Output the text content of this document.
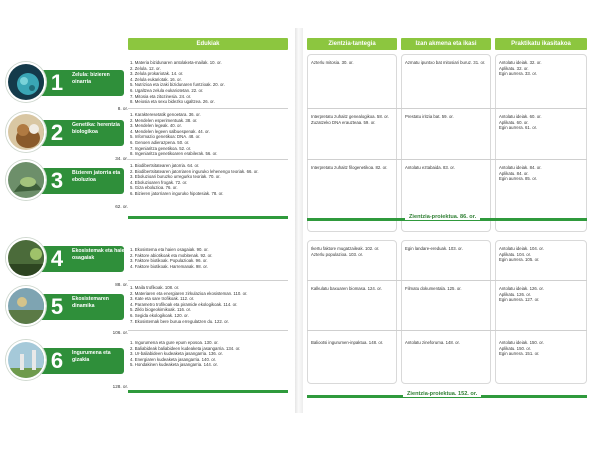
Edukiak	Zientzia-tantegia	Izan akmena eta ikasi	Praktikatu ikasitakoa
1	Zelula: bizieren oinarria
8. or.
1. Materia bizidunaren antolaketa-mailak. 10. or.
2. Zelula. 12. or.
3. Zelula prokariotak. 14. or.
4. Zelula eukariotak. 16. or.
5. Nutrizioa eta izaki bizidunaren funtzioak. 20. or.
6. Ugaltzea zelula eukariotetan. 22. or.
7. Mitosia eta zitozinesia. 24. or.
8. Meiosia eta sexu bidezko ugaltzea. 26. or.
2	Genetika: herentzia biologikoa
34. or.
1. Karakteresetatik genoetara. 36. or.
2. Mendelen esperimentuak. 38. or.
3. Mendelen legeak. 40. or.
4. Mendelen legeen salbuespenak. 44. or.
5. Informazio genetikoa: DNA. 48. or.
6. Genoen adierazpena. 50. or.
7. Ingeniaritza genetikoa. 52. or.
8. Ingeniaritza genetikoaren erabilerak. 56. or.
3	Bizieren jatorria eta eboluzioa
62. or.
1. Biodibertsitatearen jatorria. 64. or.
2. Biodibertsitatearen jatorriaren inguruko lehenengo teoriak. 66. or.
3. Eboluzioari buruzko urregurko teoriak. 70. or.
4. Eboluzioaren frogak. 72. or.
5. Giza eboluzioa. 76. or.
6. Bizieren jatorriaren inguruko hipotesiak. 78. or.
Azterlu mitosia. 30. or.	Azmatu ipuntxo bat mitosiari buruz. 31. or.	Antolatu ideiak. 32. or.
Aplikatu. 32. or.
Egin aurrera. 33. or.
Interpretatu zuhaitz genealogikoa. 58. or.
Zuzatzeko DNA erauzteaa. 59. or.
Prestatu iritzia bat. 59. or.	Antolatu ideiak. 60. or.
Aplikatu. 60. or.
Egin aurrera. 61. or.
Interpretatu zuhaitz filogenetikoa. 82. or.	Antolatu eztabaida. 83. or.	Antolatu ideiak. 84. or.
Aplikatu. 84. or.
Egin aurrera. 85. or.
Zientzia-proiektua. 86. or.
4	Ekosistemak eta haien osagaiak
88. or.
1. Ekosistema eta haien osagaiak. 90. or.
2. Faktore abiotikoak eta mobitenak. 92. or.
3. Faktore biotikoak. Populazioak. 96. or.
4. Faktore biotikoak. Harremanak. 98. or.
5	Ekosistemaren dinamika
106. or.
1. Maila trofikoak. 108. or.
2. Materiaren eta energiaren zirkulazioa ekosisteman. 110. or.
3. Kate eta sare trofikoak. 112. or.
4. Parametro trofikoak eta piramide ekologikoak. 114. or.
5. Ziklo biogeokimikoak. 116. or.
6. Segida ekologikoak. 120. or.
7. Ekosistemak bere burua erregulatzen du. 122. or.
6	Ingurumena eta gizakia
128. or.
1. Ingurumena eta gure epum eposoa. 130. or.
2. Baliabideak baliabideen kudeaketa jasangarria. 134. or.
3. Ur-baliabideen kudeaketa jasangarria. 136. or.
4. Energiaren kudeaketa jasangarria. 140. or.
5. Hondakinen kudeaketa jasangarria. 144. or.
Ikertu faktore mugatzaileak. 102. or.
Azterlu populazioa. 103. or.
Egin landare-ereduak. 103. or.	Antolatu ideiak. 104. or.
Aplikatu. 104. or.
Egin aurrera. 105. or.
Kalkulatu baxuaren biomasa. 124. or.	Filmatu dokumentala. 125. or.	Antolatu ideiak. 126. or.
Aplikatu. 126. or.
Egin aurrera. 127. or.
Baliootsi ingurumen-inpaktua. 148. or.	Antolatu zineforuma. 148. or.	Antolatu ideiak. 150. or.
Aplikatu. 150. or.
Egin aurrera. 151. or.
Zientzia-proiektua. 152. or.
